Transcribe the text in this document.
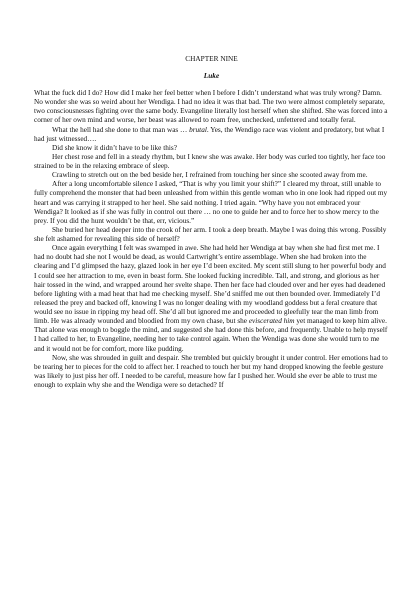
CHAPTER NINE
Luke

What the fuck did I do? How did I make her feel better when I before I didn’t understand what was truly wrong? Damn. No wonder she was so weird about her Wendiga. I had no idea it was that bad. The two were almost completely separate, two consciousnesses fighting over the same body. Evangeline literally lost herself when she shifted. She was forced into a corner of her own mind and worse, her beast was allowed to roam free, unchecked, unfettered and totally feral.

What the hell had she done to that man was … brutal. Yes, the Wendigo race was violent and predatory, but what I had just witnessed….

Did she know it didn’t have to be like this?

Her chest rose and fell in a steady rhythm, but I knew she was awake. Her body was curled too tightly, her face too strained to be in the relaxing embrace of sleep.

Crawling to stretch out on the bed beside her, I refrained from touching her since she scooted away from me.

After a long uncomfortable silence I asked, “That is why you limit your shift?” I cleared my throat, still unable to fully comprehend the monster that had been unleashed from within this gentle woman who in one look had ripped out my heart and was carrying it strapped to her heel. She said nothing. I tried again. “Why have you not embraced your Wendiga? It looked as if she was fully in control out there … no one to guide her and to force her to show mercy to the prey. If you did the hunt wouldn’t be that, err, vicious.”

She buried her head deeper into the crook of her arm. I took a deep breath. Maybe I was doing this wrong. Possibly she felt ashamed for revealing this side of herself?

Once again everything I felt was swamped in awe. She had held her Wendiga at bay when she had first met me. I had no doubt had she not I would be dead, as would Cartwright’s entire assemblage. When she had broken into the clearing and I’d glimpsed the hazy, glazed look in her eye I’d been excited. My scent still slung to her powerful body and I could see her attraction to me, even in beast form. She looked fucking incredible. Tall, and strong, and glorious as her hair tossed in the wind, and wrapped around her svelte shape. Then her face had clouded over and her eyes had deadened before lighting with a mad heat that had me checking myself. She’d sniffed me out then bounded over. Immediately I’d released the prey and backed off, knowing I was no longer dealing with my woodland goddess but a feral creature that would see no issue in ripping my head off. She’d all but ignored me and proceeded to gleefully tear the man limb from limb. He was already wounded and bloodied from my own chase, but she eviscerated him yet managed to keep him alive. That alone was enough to boggle the mind, and suggested she had done this before, and frequently. Unable to help myself I had called to her, to Evangeline, needing her to take control again. When the Wendiga was done she would turn to me and it would not be for comfort, more like pudding.

Now, she was shrouded in guilt and despair. She trembled but quickly brought it under control. Her emotions had to be tearing her to pieces for the cold to affect her. I reached to touch her but my hand dropped knowing the feeble gesture was likely to just piss her off. I needed to be careful, measure how far I pushed her. Would she ever be able to trust me enough to explain why she and the Wendiga were so detached? If
